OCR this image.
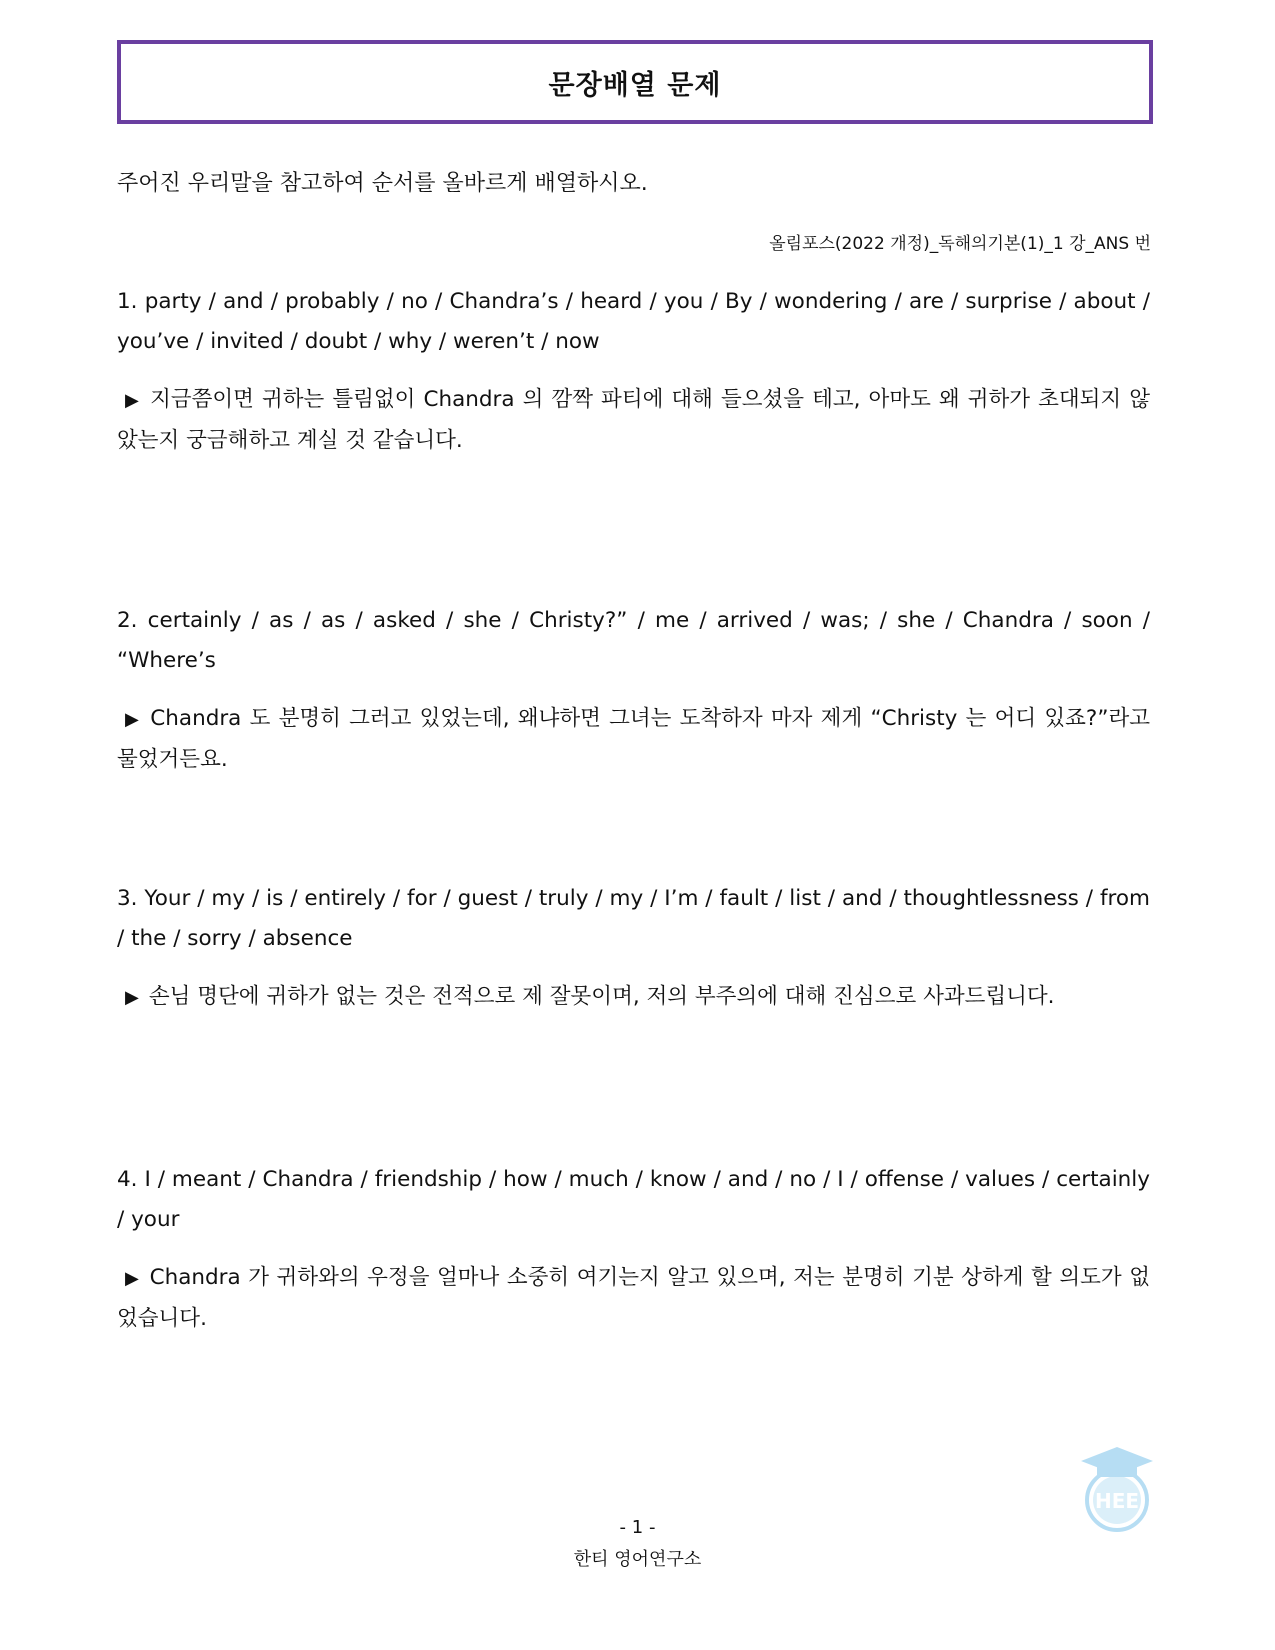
문장배열 문제
주어진 우리말을 참고하여 순서를 올바르게 배열하시오.
올림포스(2022 개정)_독해의기본(1)_1 강_ANS 번

1. party / and / probably / no / Chandra’s / heard / you / By / wondering / are / surprise / about / you’ve / invited / doubt / why / weren’t / now

▶ 지금쯤이면 귀하는 틀림없이 Chandra 의 깜짝 파티에 대해 들으셨을 테고, 아마도 왜 귀하가 초대되지 않았는지 궁금해하고 계실 것 같습니다.

2. certainly / as / as / asked / she / Christy?” / me / arrived / was; / she / Chandra / soon / “Where’s

▶ Chandra 도 분명히 그러고 있었는데, 왜냐하면 그녀는 도착하자 마자 제게 “Christy 는 어디 있죠?”라고 물었거든요.

3. Your / my / is / entirely / for / guest / truly / my / I’m / fault / list / and / thoughtlessness / from / the / sorry / absence

▶ 손님 명단에 귀하가 없는 것은 전적으로 제 잘못이며, 저의 부주의에 대해 진심으로 사과드립니다.

4. I / meant / Chandra / friendship / how / much / know / and / no / I / offense / values / certainly / your

▶ Chandra 가 귀하와의 우정을 얼마나 소중히 여기는지 알고 있으며, 저는 분명히 기분 상하게 할 의도가 없었습니다.

HEE
- 1 -
한티 영어연구소
